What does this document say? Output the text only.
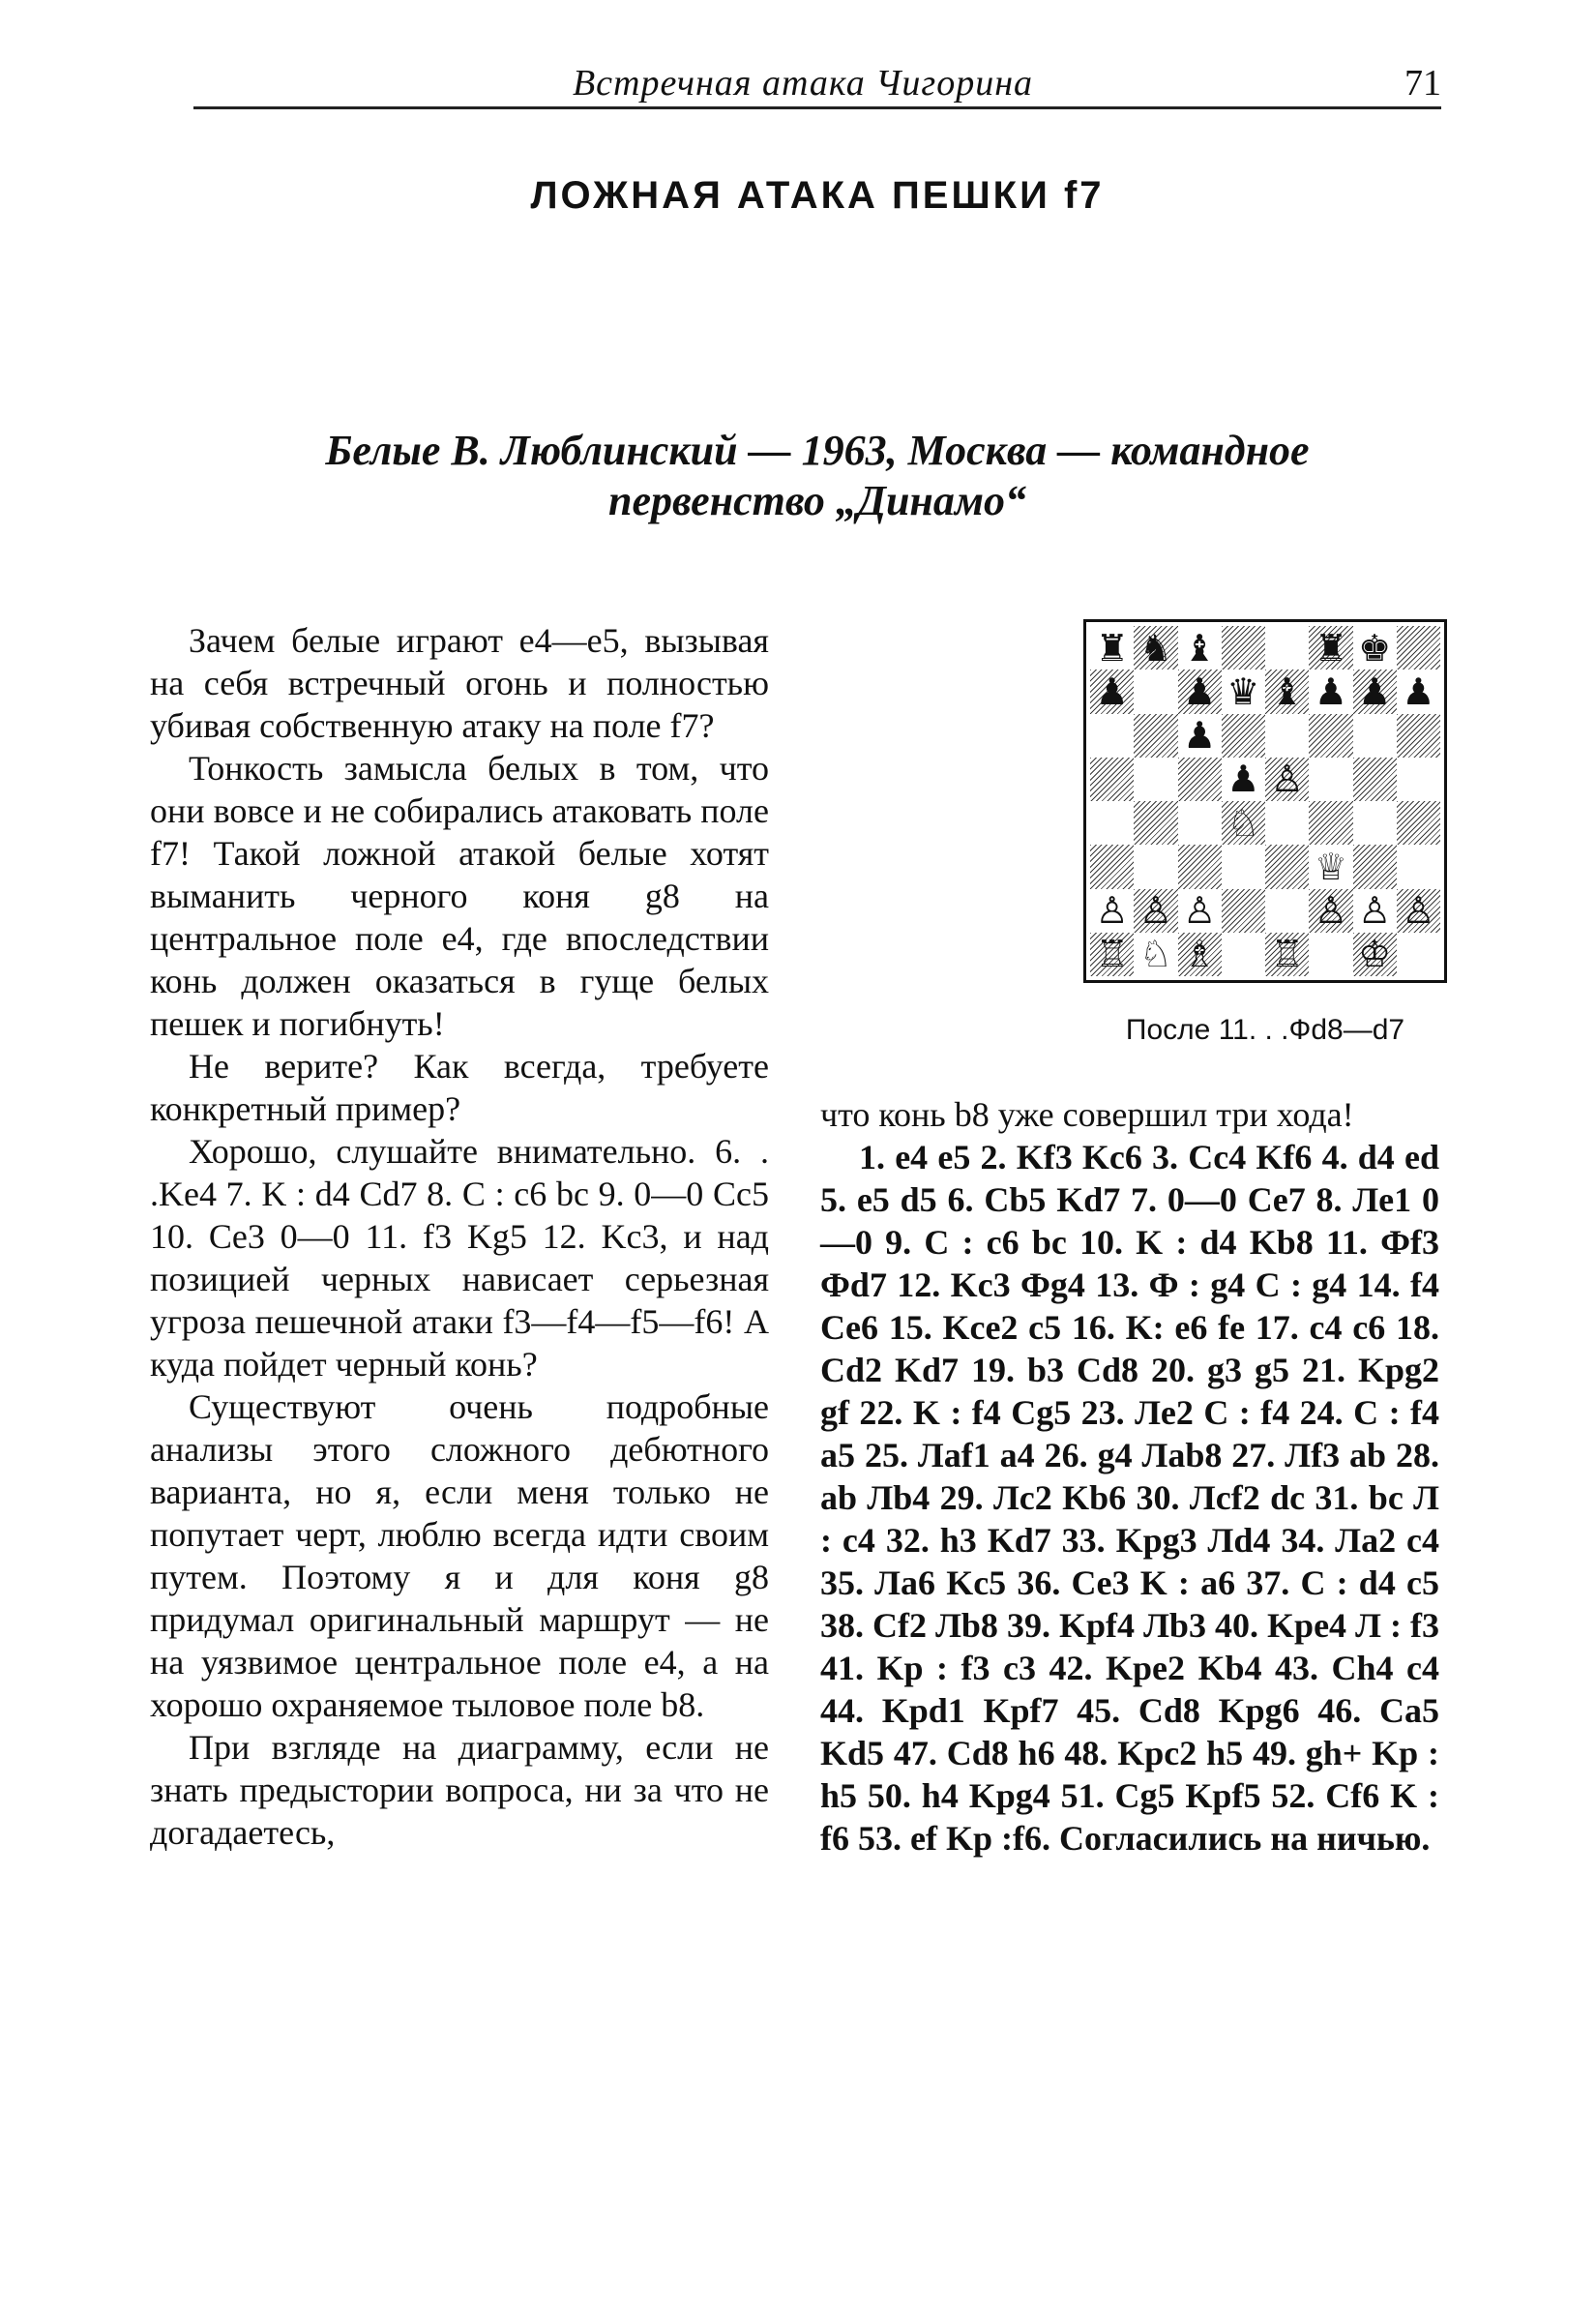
Встречная атака Чигорина	71
ЛОЖНАЯ АТАКА ПЕШКИ f7
Белые В. Люблинский — 1963, Москва — командное
первенство „Динамо“

Зачем белые играют e4—e5, вызывая на себя встречный огонь и полностью убивая собственную атаку на поле f7?

Тонкость замысла белых в том, что они вовсе и не собирались атаковать поле f7! Такой ложной атакой белые хотят выманить черного коня g8 на центральное поле e4, где впоследствии конь должен оказаться в гуще белых пешек и погибнуть!

Не верите? Как всегда, требуете конкретный пример?

Хорошо, слушайте внимательно. 6. . .Ke4 7. K : d4 Cd7 8. C : c6 bc 9. 0—0 Cc5 10. Ce3 0—0 11. f3 Kg5 12. Kc3, и над позицией черных нависает серьезная угроза пешечной атаки f3—f4—f5—f6! А куда пойдет черный конь?

Существуют очень подробные анализы этого сложного дебютного варианта, но я, если меня только не попутает черт, люблю всегда идти своим путем. Поэтому я и для коня g8 придумал оригинальный маршрут — не на уязвимое центральное поле e4, а на хорошо охраняемое тыловое поле b8.

При взгляде на диаграмму, если не знать предыстории вопроса, ни за что не догадаетесь,

♜ ♞ ♝	♜ ♚
♟ ♟ ♛ ♝ ♟ ♟ ♟
♟
♟ ♙
♘
♕
♙ ♙ ♙	♙ ♙ ♙
♖ ♘ ♗ ♖ ♔
После 11. . .Фd8—d7

что конь b8 уже совершил три хода!

1. e4 e5 2. Kf3 Kc6 3. Cc4 Kf6 4. d4 ed 5. e5 d5 6. Cb5 Kd7 7. 0—0 Ce7 8. Лe1 0—0 9. C : c6 bc 10. K : d4 Kb8 11. Фf3 Фd7 12. Kc3 Фg4 13. Ф : g4 C : g4 14. f4 Ce6 15. Kce2 c5 16. K: e6 fe 17. c4 c6 18. Cd2 Kd7 19. b3 Cd8 20. g3 g5 21. Kpg2 gf 22. K : f4 Cg5 23. Лe2 C : f4 24. C : f4 a5 25. Лaf1 a4 26. g4 Лab8 27. Лf3 ab 28. ab Лb4 29. Лc2 Kb6 30. Лcf2 dc 31. bc Л : c4 32. h3 Kd7 33. Kpg3 Лd4 34. Лa2 c4 35. Лa6 Kc5 36. Ce3 K : a6 37. C : d4 c5 38. Cf2 Лb8 39. Kpf4 Лb3 40. Kpe4 Л : f3 41. Kp : f3 c3 42. Kpe2 Kb4 43. Ch4 c4 44. Kpd1 Kpf7 45. Cd8 Kpg6 46. Ca5 Kd5 47. Cd8 h6 48. Kpc2 h5 49. gh+ Kp : h5 50. h4 Kpg4 51. Cg5 Kpf5 52. Cf6 K : f6 53. ef Kp :f6. Согласились на ничью.
